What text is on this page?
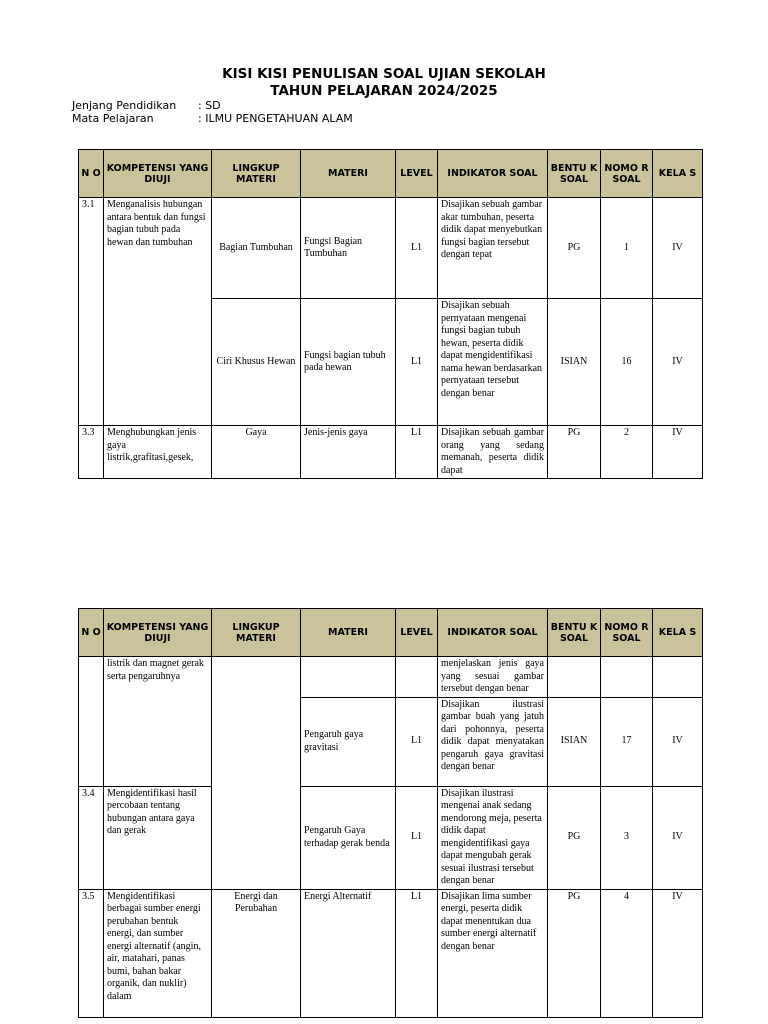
KISI KISI PENULISAN SOAL UJIAN SEKOLAH
TAHUN PELAJARAN 2024/2025
Jenjang Pendidikan : SD
Mata Pelajaran	: ILMU PENGETAHUAN ALAM
N O	KOMPETENSI YANG DIUJI	LINGKUP MATERI	MATERI	LEVEL	INDIKATOR SOAL	BENTU K SOAL	NOMO R SOAL	KELA S
3.1	Menganalisis hubungan antara bentuk dan fungsi bagian tubuh pada hewan dan tumbuhan	Bagian Tumbuhan	Fungsi Bagian Tumbuhan	L1	Disajikan sebuah gambar akar tumbuhan, peserta didik dapat menyebutkan fungsi bagian tersebut dengan tepat	PG	1	IV
		Ciri Khusus Hewan	Fungsi bagian tubuh pada hewan	L1	Disajikan sebuah pernyataan mengenai fungsi bagian tubuh hewan, peserta didik dapat mengidentifikasi nama hewan berdasarkan pernyataan tersebut dengan benar	ISIAN	16	IV
3.3	Menghubungkan jenis gaya listrik,grafitasi,gesek,	Gaya	Jenis-jenis gaya	L1	Disajikan sebuah gambar orang yang sedang memanah, peserta didik dapat	PG	2	IV
N O	KOMPETENSI YANG DIUJI	LINGKUP MATERI	MATERI	LEVEL	INDIKATOR SOAL	BENTU K SOAL	NOMO R SOAL	KELA S
	listrik dan magnet gerak serta pengaruhnya				menjelaskan jenis gaya yang sesuai gambar tersebut dengan benar			
			Pengaruh gaya gravitasi	L1	Disajikan ilustrasi gambar buah yang jatuh dari pohonnya, peserta didik dapat menyatakan pengaruh gaya gravitasi dengan benar	ISIAN	17	IV
3.4	Mengidentifikasi hasil percobaan tentang hubungan antara gaya dan gerak		Pengaruh Gaya terhadap gerak benda	L1	Disajikan ilustrasi mengenai anak sedang mendorong meja, peserta didik dapat mengidentifikasi gaya dapat mengubah gerak sesuai ilustrasi tersebut dengan benar	PG	3	IV
3.5	Mengidentifikasi berbagai sumber energi perubahan bentuk energi, dan sumber energi alternatif (angin, air, matahari, panas bumi, bahan bakar organik, dan nuklir) dalam	Energi dan Perubahan	Energi Alternatif	L1	Disajikan lima sumber energi, peserta didik dapat menentukan dua sumber energi alternatif dengan benar	PG	4	IV
